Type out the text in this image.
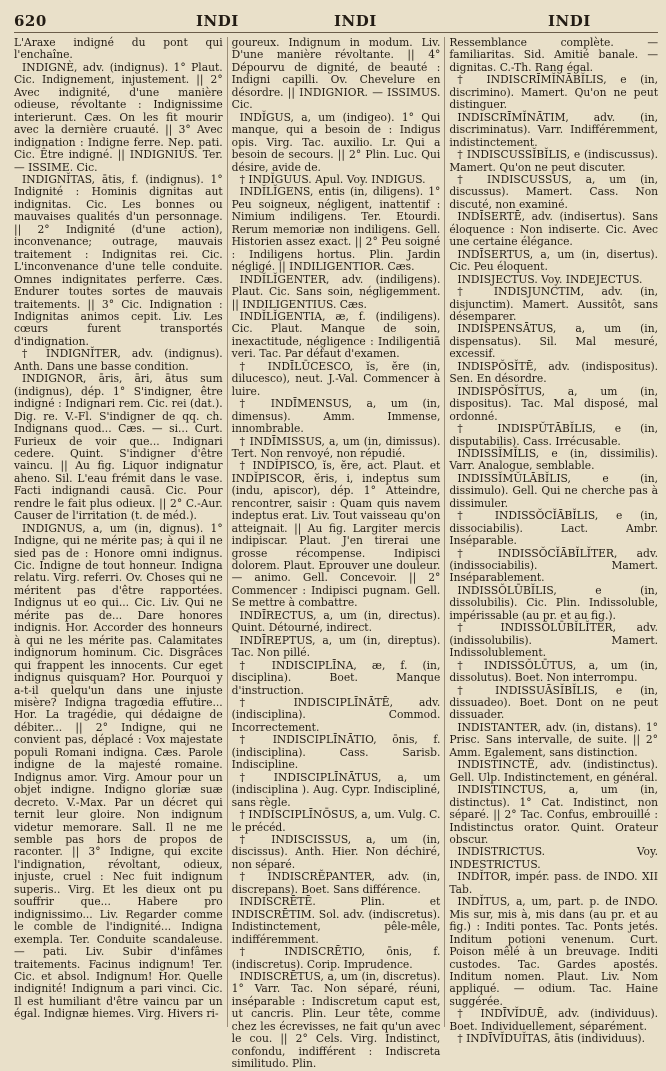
620	INDI	INDI	INDI

L'Araxe indigné du pont qui l'enchaîne.

INDIGNÈ, adv. (indignus). 1° Plaut. Cic. Indignement, injustement. || 2° Avec indignité, d'une manière odieuse, révoltante : Indignissime interierunt. Cæs. On les fit mourir avec la dernière cruauté. || 3° Avec indignation : Indigne ferre. Nep. pati. Cic. Être indigné. || INDIGNIUS. Ter. — ISSIME. Cic.

INDIGNĬTAS, ātis, f. (indignus). 1° Indignité : Hominis dignitas aut indignitas. Cic. Les bonnes ou mauvaises qualités d'un personnage. || 2° Indignité (d'une action), inconvenance; outrage, mauvais traitement : Indignitas rei. Cic. L'inconvenance d'une telle conduite. Omnes indignitates perferre. Cæs. Endurer toutes sortes de mauvais traitements. || 3° Cic. Indignation : Indignitas animos cepit. Liv. Les cœurs furent transportés d'indignation.

† INDIGNĬTER, adv. (indignus). Anth. Dans une basse condition.

INDIGNOR, āris, āri, ātus sum (indignus), dép. 1° S'indigner, être indigné : Indignari rem. Cic. rei (dat.). Dig. re. V.-Fl. S'indigner de qq. ch. Indignans quod... Cæs. — si... Curt. Furieux de voir que... Indignari cedere. Quint. S'indigner d'être vaincu. || Au fig. Liquor indignatur aheno. Sil. L'eau frémit dans le vase. Facti indignandi causā. Cic. Pour rendre le fait plus odieux. || 2° C.-Aur. Causer de l'irritation (t. de méd.).

INDIGNUS, a, um (in, dignus). 1° Indigne, qui ne mérite pas; à qui il ne sied pas de : Honore omni indignus. Cic. Indigne de tout honneur. Indigna relatu. Virg. referri. Ov. Choses qui ne méritent pas d'être rapportées. Indignus ut eo qui... Cic. Liv. Qui ne mérite pas de... Dare honores indignis. Hor. Accorder des honneurs à qui ne les mérite pas. Calamitates indignorum hominum. Cic. Disgrâces qui frappent les innocents. Cur eget indignus quisquam? Hor. Pourquoi y a-t-il quelqu'un dans une injuste misère? Indigna tragœdia effutire... Hor. La tragédie, qui dédaigne de débiter... || 2° Indigne, qui ne convient pas, déplacé : Vox majestate populi Romani indigna. Cæs. Parole indigne de la majesté romaine. Indignus amor. Virg. Amour pour un objet indigne. Indigno gloriæ suæ decreto. V.-Max. Par un décret qui ternit leur gloire. Non indignum videtur memorare. Sall. Il ne me semble pas hors de propos de raconter. || 3° Indigne, qui excite l'indignation, révoltant, odieux, injuste, cruel : Nec fuit indignum superis.. Virg. Et les dieux ont pu souffrir que... Habere pro indignissimo... Liv. Regarder comme le comble de l'indignité... Indigna exempla. Ter. Conduite scandaleuse. — pati. Liv. Subir d'infâmes traitements. Facinus indignum! Ter. Cic. et absol. Indignum! Hor. Quelle indignité! Indignum a pari vinci. Cic. Il est humiliant d'être vaincu par un égal. Indignæ hiemes. Virg. Hivers ri-

goureux. Indignum in modum. Liv. D'une manière révoltante. || 4° Dépourvu de dignité, de beauté : Indigni capilli. Ov. Chevelure en désordre. || INDIGNIOR. — ISSIMUS. Cic.

INDĬGUS, a, um (indigeo). 1° Qui manque, qui a besoin de : Indigus opis. Virg. Tac. auxilio. Lr. Qui a besoin de secours. || 2° Plin. Luc. Qui désire, avide de.

† INDĬGUUS. Apul. Voy. INDIGUS.

INDĬLĬGENS, entis (in, diligens). 1° Peu soigneux, négligent, inattentif : Nimium indiligens. Ter. Etourdi. Rerum memoriæ non indiligens. Gell. Historien assez exact. || 2° Peu soigné : Indiligens hortus. Plin. Jardin négligé. || INDILIGENTIOR. Cæs.

INDĬLĬGENTER, adv. (indiligens). Plaut. Cic. Sans soin, négligemment. || INDILIGENTIUS. Cæs.

INDĬLĬGENTIA, æ, f. (indiligens). Cic. Plaut. Manque de soin, inexactitude, négligence : Indiligentiā veri. Tac. Par défaut d'examen.

† INDĪLŪCESCO, ĭs, ĕre (in, dilucesco), neut. J.-Val. Commencer à luire.

† INDĪMENSUS, a, um (in, dimensus). Amm. Immense, innombrable.

† INDĪMISSUS, a, um (in, dimissus). Tert. Non renvoyé, non répudié.

† INDĬPISCO, ĭs, ĕre, act. Plaut. et INDĬPISCOR, ĕris, i, indeptus sum (indu, apiscor), dép. 1° Atteindre, rencontrer, saisir : Quam quis navem indeptus erat. Liv. Tout vaisseau qu'on atteignait. || Au fig. Largiter mercis indipiscar. Plaut. J'en tirerai une grosse récompense. Indipisci dolorem. Plaut. Eprouver une douleur. — animo. Gell. Concevoir. || 2° Commencer : Indipisci pugnam. Gell. Se mettre à combattre.

INDĪRECTUS, a, um (in, directus). Quint. Détourné, indirect.

INDĪREPTUS, a, um (in, direptus). Tac. Non pillé.

† INDISCIPLĪNA, æ, f. (in, disciplina). Boet. Manque d'instruction.

† INDISCIPLĪNĀTĒ, adv. (indisciplina). Commod. Incorrectement.

† INDISCIPLĪNĀTIO, ōnis, f. (indisciplina). Cass. Sarisb. Indiscipline.

† INDISCIPLĪNĀTUS, a, um (indisciplina ). Aug. Cypr. Indiscipliné, sans règle.

† INDISCIPLĪNŌSUS, a, um. Vulg. C. le précéd.

† INDISCISSUS, a, um (in, discissus). Anth. Hier. Non déchiré, non séparé.

† INDISCRĔPANTER, adv. (in, discrepans). Boet. Sans différence.

INDISCRĒTĒ. Plin. et INDISCRĒTIM. Sol. adv. (indiscretus). Indistinctement, pêle-mêle, indifféremment.

† INDISCRĒTIO, ōnis, f. (indiscretus). Corip. Imprudence.

INDISCRĒTUS, a, um (in, discretus). 1° Varr. Tac. Non séparé, réuni, inséparable : Indiscretum caput est, ut cancris. Plin. Leur tête, comme chez les écrevisses, ne fait qu'un avec le cou. || 2° Cels. Virg. Indistinct, confondu, indifférent : Indiscreta similitudo. Plin.

Ressemblance complète. — familiaritas. Sid. Amitié banale. — dignitas. C.-Th. Rang égal.

† INDISCRĪMĬNĀBĬLIS, e (in, discrimino). Mamert. Qu'on ne peut distinguer.

INDISCRĪMĬNĀTIM, adv. (in, discriminatus). Varr. Indifféremment, indistinctement.

† INDISCUSSĬBĬLIS, e (indiscussus). Mamert. Qu'on ne peut discuter.

† INDISCUSSUS, a, um (in, discussus). Mamert. Cass. Non discuté, non examiné.

INDĪSERTĒ, adv. (indisertus). Sans éloquence : Non indiserte. Cic. Avec une certaine élégance.

INDĪSERTUS, a, um (in, disertus). Cic. Peu éloquent.

INDISJECTUS. Voy. INDEJECTUS.

† INDISJUNCTIM, adv. (in, disjunctim). Mamert. Aussitôt, sans désemparer.

INDISPENSĀTUS, a, um (in, dispensatus). Sil. Mal mesuré, excessif.

INDISPŎSĬTĒ, adv. (indispositus). Sen. En désordre.

INDISPŎSĬTUS, a, um (in, dispositus). Tac. Mal disposé, mal ordonné.

† INDISPŬTĀBĬLIS, e (in, disputabilis). Cass. Irrécusable.

INDISSĬMĬLIS, e (in, dissimilis). Varr. Analogue, semblable.

INDISSĬMŬLĀBĬLIS, e (in, dissimulo). Gell. Qui ne cherche pas à dissimuler.

† INDISSŎCĬĀBĬLIS, e (in, dissociabilis). Lact. Ambr. Inséparable.

† INDISSŎCĬĀBĬLĬTER, adv. (indissociabilis). Mamert. Inséparablement.

INDISSŎLŪBĬLIS, e (in, dissolubilis). Cic. Plin. Indissoluble, impérissable (au pr. et au fig.).

† INDISSŎLŪBĬLĬTER, adv. (indissolubilis). Mamert. Indissolublement.

† INDISSŎLŪTUS, a, um (in, dissolutus). Boet. Non interrompu.

† INDISSUĀSĬBĬLIS, e (in, dissuadeo). Boet. Dont on ne peut dissuader.

INDISTANTER, adv. (in, distans). 1° Prisc. Sans intervalle, de suite. || 2° Amm. Egalement, sans distinction.

INDISTINCTĒ, adv. (indistinctus). Gell. Ulp. Indistinctement, en général.

INDISTINCTUS, a, um (in, distinctus). 1° Cat. Indistinct, non séparé. || 2° Tac. Confus, embrouillé : Indistinctus orator. Quint. Orateur obscur.

INDISTRICTUS. Voy. INDESTRICTUS.

INDĬTOR, impér. pass. de INDO. XII Tab.

INDĬTUS, a, um, part. p. de INDO. Mis sur, mis à, mis dans (au pr. et au fig.) : Inditi pontes. Tac. Ponts jetés. Inditum potioni venenum. Curt. Poison mêlé à un breuvage. Inditi custodes. Tac. Gardes apostés. Inditum nomen. Plaut. Liv. Nom appliqué. — odium. Tac. Haine suggérée.

† INDĪVĬDUĒ, adv. (individuus). Boet. Individuellement, séparément.

† INDĪVĬDUĬTAS, ātis (individuus).
